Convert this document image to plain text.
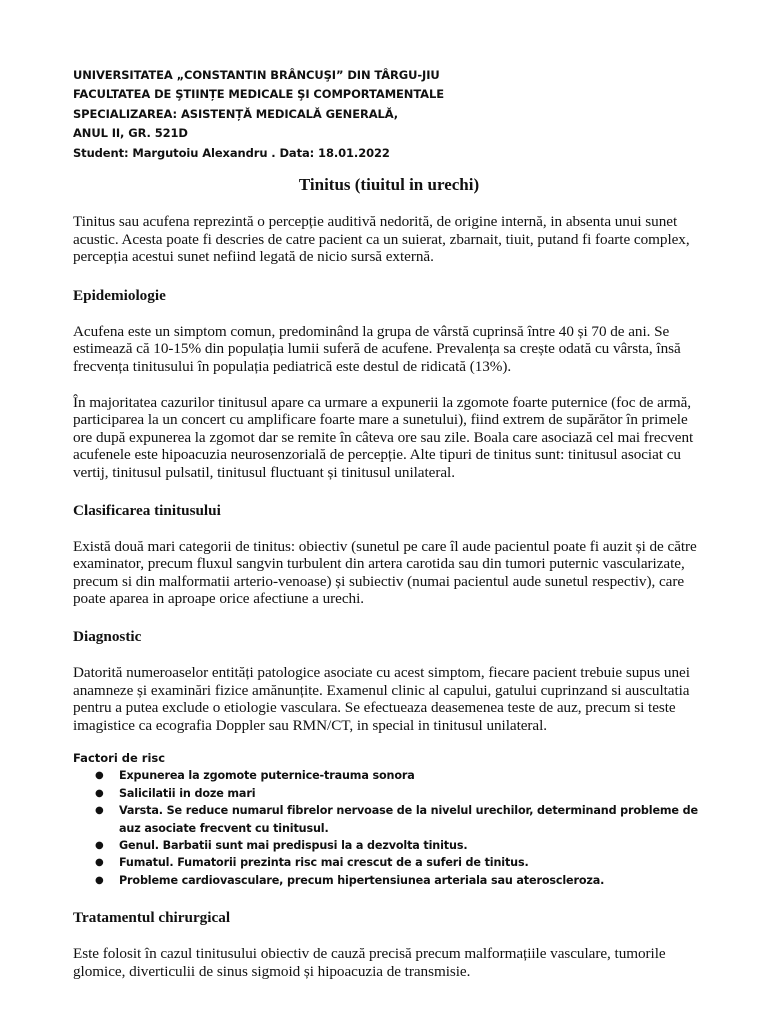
UNIVERSITATEA „CONSTANTIN BRÂNCUŞI” DIN TÂRGU-JIU

FACULTATEA DE ŞTIINȚE MEDICALE ŞI COMPORTAMENTALE

SPECIALIZAREA: ASISTENȚĂ MEDICALĂ GENERALĂ,

ANUL II, GR. 521D

Student: Margutoiu Alexandru . Data: 18.01.2022

Tinitus (tiuitul in urechi)

Tinitus sau acufena reprezintă o percepție auditivă nedorită, de origine internă, in absenta unui sunet acustic. Acesta poate fi descries de catre pacient ca un suierat, zbarnait, tiuit, putand fi foarte complex, percepția acestui sunet nefiind legată de nicio sursă externă.

Epidemiologie

Acufena este un simptom comun, predominând la grupa de vârstă cuprinsă între 40 și 70 de ani. Se estimează că 10-15% din populația lumii suferă de acufene. Prevalența sa crește odată cu vârsta, însă frecvența tinitusului în populația pediatrică este destul de ridicată (13%).

În majoritatea cazurilor tinitusul apare ca urmare a expunerii la zgomote foarte puternice (foc de armă, participarea la un concert cu amplificare foarte mare a sunetului), fiind extrem de supărător în primele ore după expunerea la zgomot dar se remite în câteva ore sau zile. Boala care asociază cel mai frecvent acufenele este hipoacuzia neurosenzorială de percepție. Alte tipuri de tinitus sunt: tinitusul asociat cu vertij, tinitusul pulsatil, tinitusul fluctuant și tinitusul unilateral.

Clasificarea tinitusului

Există două mari categorii de tinitus: obiectiv (sunetul pe care îl aude pacientul poate fi auzit și de către examinator, precum fluxul sangvin turbulent din artera carotida sau din tumori puternic vascularizate, precum si din malformatii arterio-venoase) și subiectiv (numai pacientul aude sunetul respectiv), care poate aparea in aproape orice afectiune a urechi.

Diagnostic

Datorită numeroaselor entități patologice asociate cu acest simptom, fiecare pacient trebuie supus unei anamneze și examinări fizice amănunțite. Examenul clinic al capului, gatului cuprinzand si auscultatia pentru a putea exclude o etiologie vasculara. Se efectueaza deasemenea teste de auz, precum si teste imagistice ca ecografia Doppler sau RMN/CT, in special in tinitusul unilateral.

Factori de risc
● Expunerea la zgomote puternice-trauma sonora
● Salicilatii in doze mari
● Varsta. Se reduce numarul fibrelor nervoase de la nivelul urechilor, determinand probleme de auz asociate frecvent cu tinitusul.
● Genul. Barbatii sunt mai predispusi la a dezvolta tinitus.
● Fumatul. Fumatorii prezinta risc mai crescut de a suferi de tinitus.
● Probleme cardiovasculare, precum hipertensiunea arteriala sau ateroscleroza.
Tratamentul chirurgical

Este folosit în cazul tinitusului obiectiv de cauză precisă precum malformațiile vasculare, tumorile glomice, diverticulii de sinus sigmoid și hipoacuzia de transmisie.
